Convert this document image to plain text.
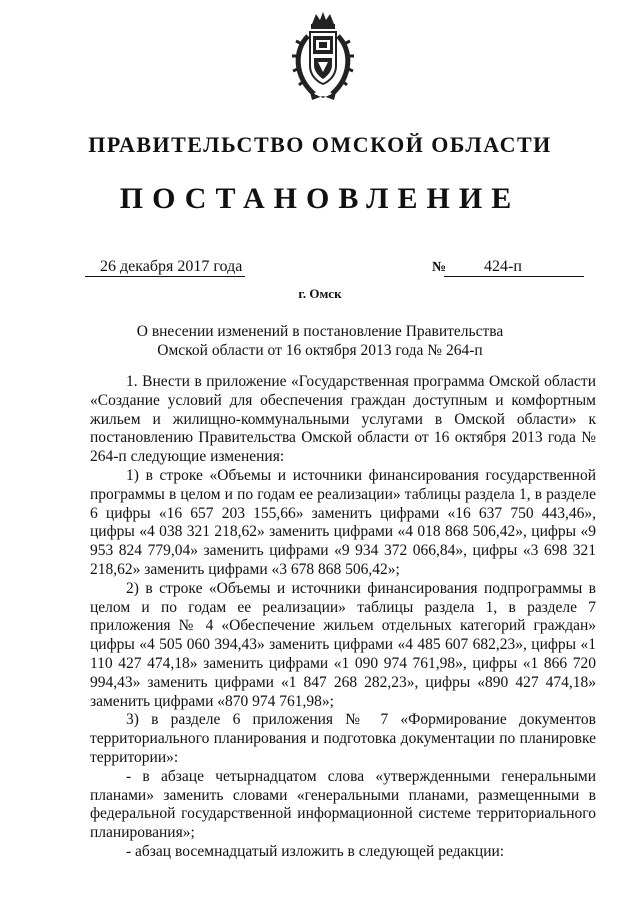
ПРАВИТЕЛЬСТВО ОМСКОЙ ОБЛАСТИ
ПОСТАНОВЛЕНИЕ
26 декабря 2017 года	№ 424-п
г. Омск
О внесении изменений в постановление Правительства
Омской области от 16 октября 2013 года № 264-п

1. Внести в приложение «Государственная программа Омской области «Создание условий для обеспечения граждан доступным и комфортным жильем и жилищно-коммунальными услугами в Омской области» к постановлению Правительства Омской области от 16 октября 2013 года № 264-п следующие изменения:

1) в строке «Объемы и источники финансирования государственной программы в целом и по годам ее реализации» таблицы раздела 1, в разделе 6 цифры «16 657 203 155,66» заменить цифрами «16 637 750 443,46», цифры «4 038 321 218,62» заменить цифрами «4 018 868 506,42», цифры «9 953 824 779,04» заменить цифрами «9 934 372 066,84», цифры «3 698 321 218,62» заменить цифрами «3 678 868 506,42»;

2) в строке «Объемы и источники финансирования подпрограммы в целом и по годам ее реализации» таблицы раздела 1, в разделе 7 приложения № 4 «Обеспечение жильем отдельных категорий граждан» цифры «4 505 060 394,43» заменить цифрами «4 485 607 682,23», цифры «1 110 427 474,18» заменить цифрами «1 090 974 761,98», цифры «1 866 720 994,43» заменить цифрами «1 847 268 282,23», цифры «890 427 474,18» заменить цифрами «870 974 761,98»;

3) в разделе 6 приложения № 7 «Формирование документов территориального планирования и подготовка документации по планировке территории»:

- в абзаце четырнадцатом слова «утвержденными генеральными планами» заменить словами «генеральными планами, размещенными в федеральной государственной информационной системе территориального планирования»;

- абзац восемнадцатый изложить в следующей редакции:
